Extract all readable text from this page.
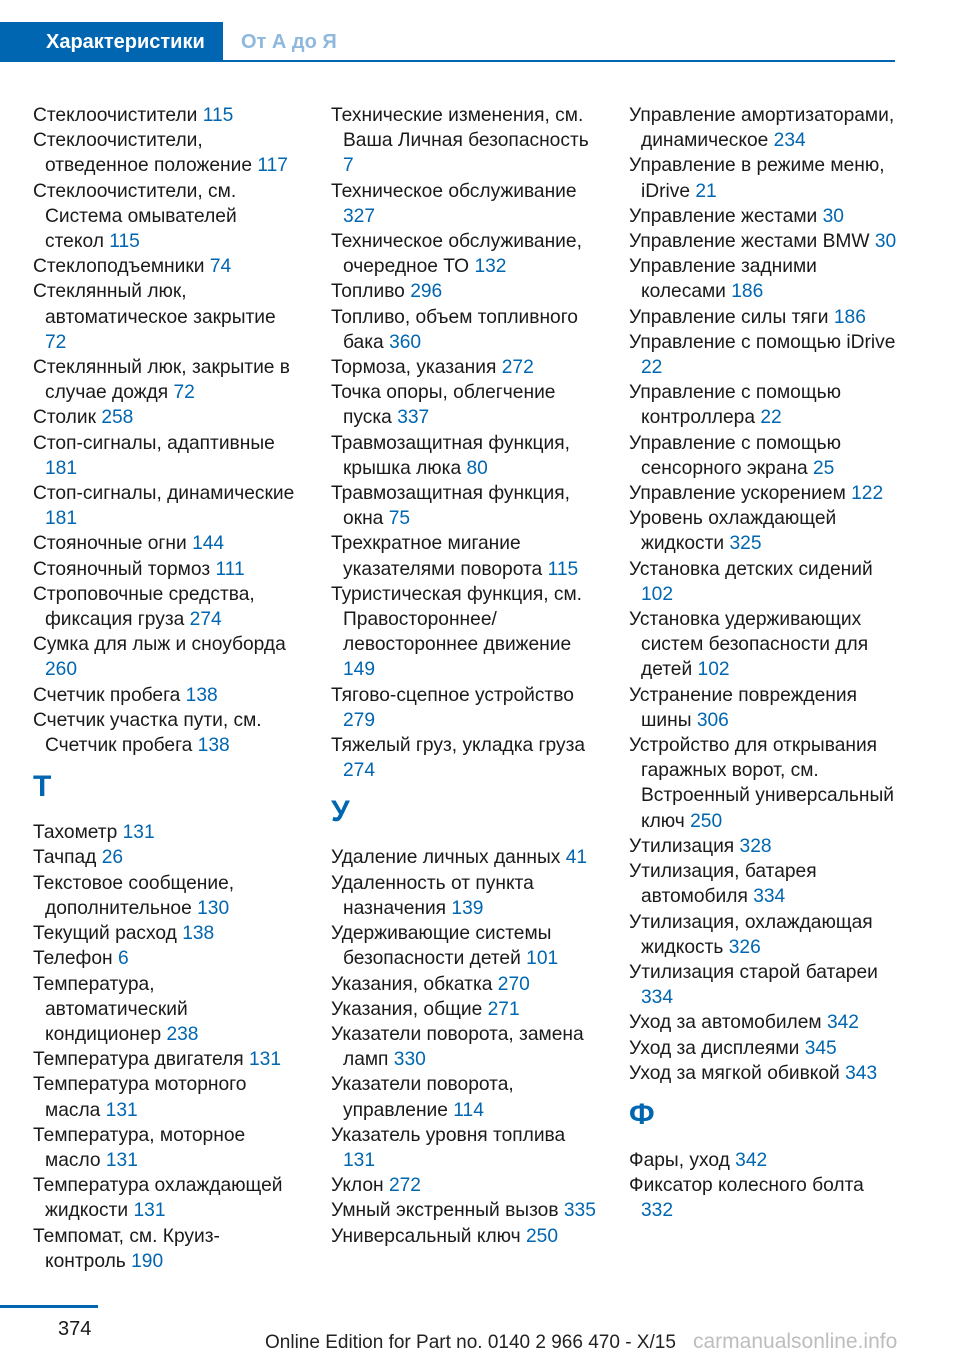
Характеристики	От А до Я
Стеклоочистители 115
Стеклоочистители, отведенное положение 117
Стеклоочистители, см. Система омывателей стекол 115
Стеклоподъемники 74
Стеклянный люк, автоматическое закрытие 72
Стеклянный люк, закрытие в случае дождя 72
Столик 258
Стоп-сигналы, адаптивные 181
Стоп-сигналы, динамические 181
Стояночные огни 144
Стояночный тормоз 111
Строповочные средства, фиксация груза 274
Сумка для лыж и сноуборда 260
Счетчик пробега 138
Счетчик участка пути, см. Счетчик пробега 138
Т
Тахометр 131
Тачпад 26
Текстовое сообщение, дополнительное 130
Текущий расход 138
Телефон 6
Температура, автоматический кондиционер 238
Температура двигателя 131
Температура моторного масла 131
Температура, моторное масло 131
Температура охлаждающей жидкости 131
Темпомат, см. Круиз-контроль 190
Технические изменения, см. Ваша Личная безопасность 7
Техническое обслуживание 327
Техническое обслуживание, очередное ТО 132
Топливо 296
Топливо, объем топливного бака 360
Тормоза, указания 272
Точка опоры, облегчение пуска 337
Травмозащитная функция, крышка люка 80
Травмозащитная функция, окна 75
Трехкратное мигание указателями поворота 115
Туристическая функция, см. Правостороннее/левостороннее движение 149
Тягово-сцепное устройство 279
Тяжелый груз, укладка груза 274
У
Удаление личных данных 41
Удаленность от пункта назначения 139
Удерживающие системы безопасности детей 101
Указания, обкатка 270
Указания, общие 271
Указатели поворота, замена ламп 330
Указатели поворота, управление 114
Указатель уровня топлива 131
Уклон 272
Умный экстренный вызов 335
Универсальный ключ 250
Управление амортизаторами, динамическое 234
Управление в режиме меню, iDrive 21
Управление жестами 30
Управление жестами BMW 30
Управление задними колесами 186
Управление силы тяги 186
Управление с помощью iDrive 22
Управление с помощью контроллера 22
Управление с помощью сенсорного экрана 25
Управление ускорением 122
Уровень охлаждающей жидкости 325
Установка детских сидений 102
Установка удерживающих систем безопасности для детей 102
Устранение повреждения шины 306
Устройство для открывания гаражных ворот, см. Встроенный универсальный ключ 250
Утилизация 328
Утилизация, батарея автомобиля 334
Утилизация, охлаждающая жидкость 326
Утилизация старой батареи 334
Уход за автомобилем 342
Уход за дисплеями 345
Уход за мягкой обивкой 343
Ф
Фары, уход 342
Фиксатор колесного болта 332
374
Online Edition for Part no. 0140 2 966 470 - X/15 carmanualsonline.info
